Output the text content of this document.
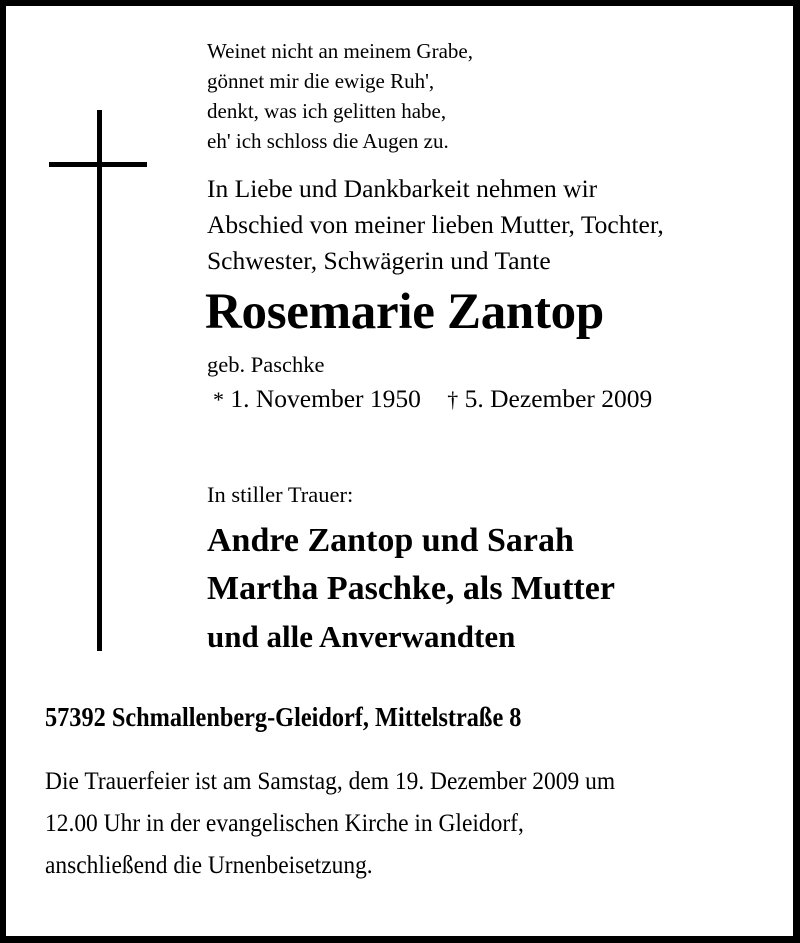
Weinet nicht an meinem Grabe,
gönnet mir die ewige Ruh',
denkt, was ich gelitten habe,
eh' ich schloss die Augen zu.
In Liebe und Dankbarkeit nehmen wir
Abschied von meiner lieben Mutter, Tochter,
Schwester, Schwägerin und Tante
Rosemarie Zantop
geb. Paschke
* 1. November 1950 † 5. Dezember 2009
In stiller Trauer:
Andre Zantop und Sarah
Martha Paschke, als Mutter
und alle Anverwandten
57392 Schmallenberg-Gleidorf, Mittelstraße 8
Die Trauerfeier ist am Samstag, dem 19. Dezember 2009 um
12.00 Uhr in der evangelischen Kirche in Gleidorf,
anschließend die Urnenbeisetzung.
